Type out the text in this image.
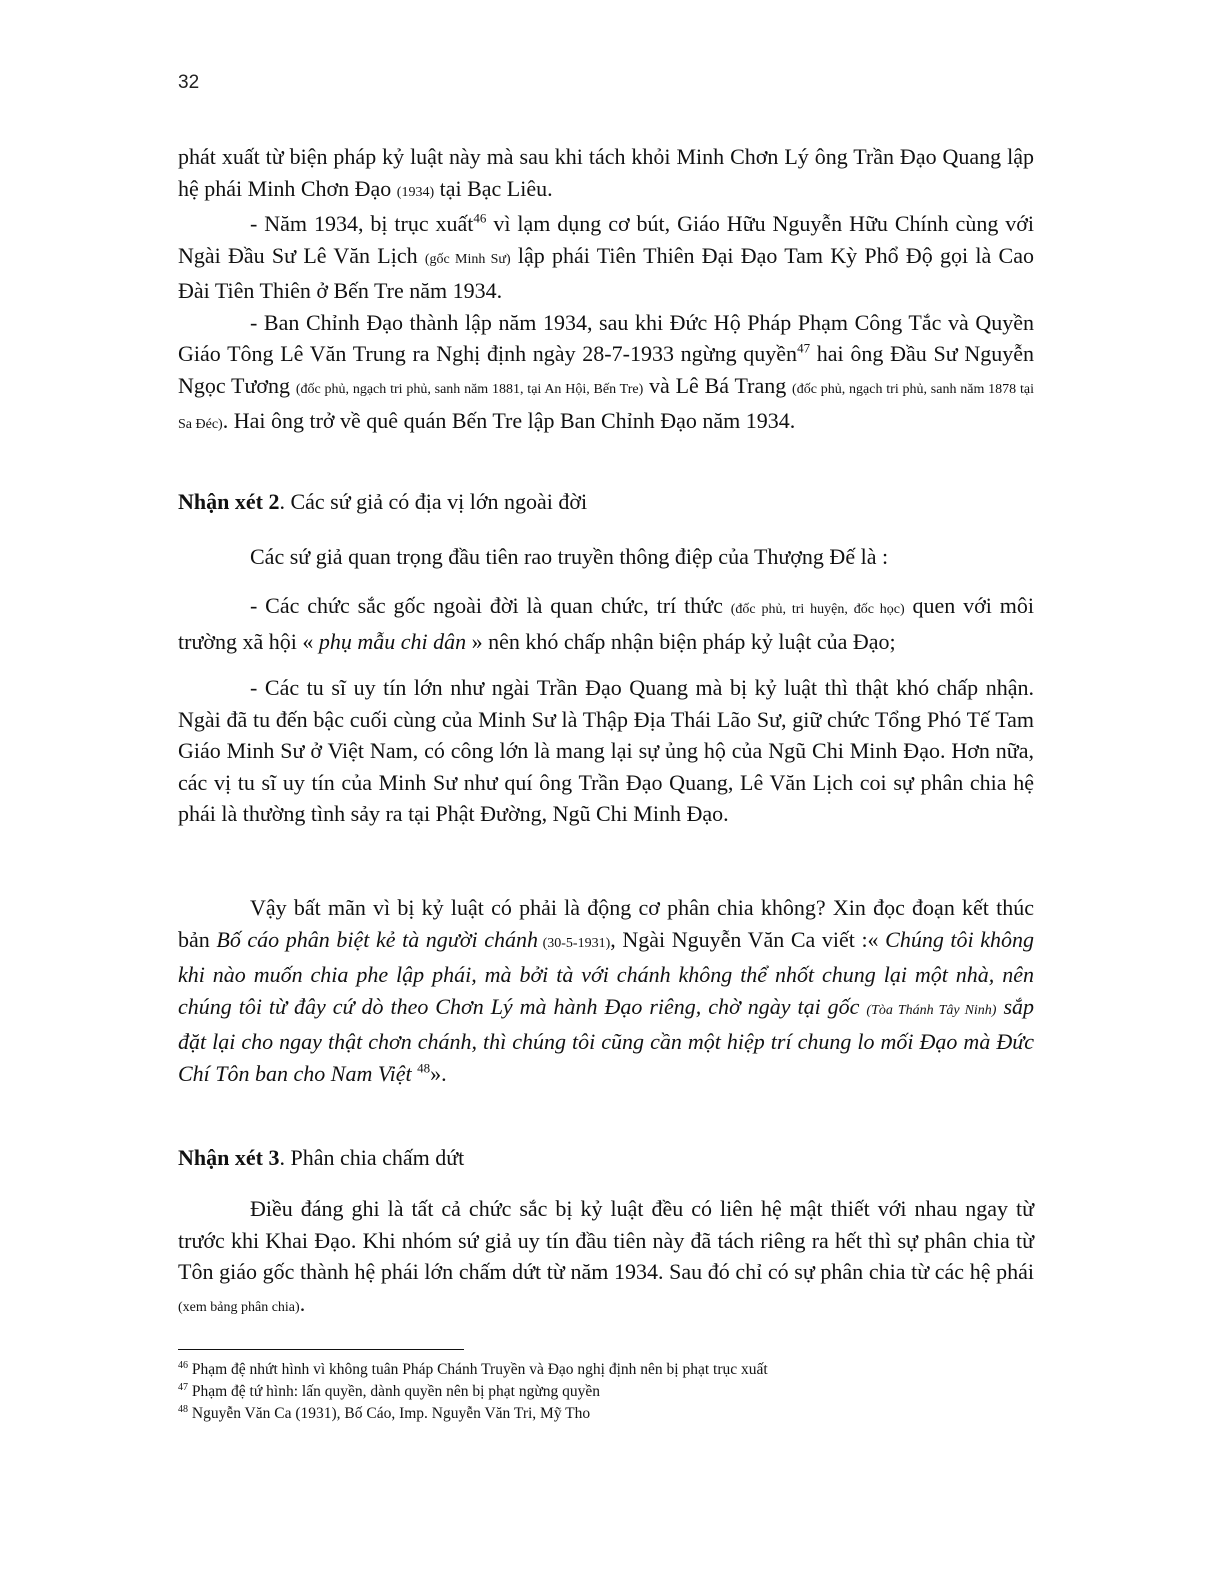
32

phát xuất từ biện pháp kỷ luật này mà sau khi tách khỏi Minh Chơn Lý ông Trần Đạo Quang lập hệ phái Minh Chơn Đạo (1934) tại Bạc Liêu.

- Năm 1934, bị trục xuất$^{46}$ vì lạm dụng cơ bút, Giáo Hữu Nguyễn Hữu Chính cùng với Ngài Đầu Sư Lê Văn Lịch (gốc Minh Sư) lập phái Tiên Thiên Đại Đạo Tam Kỳ Phổ Độ gọi là Cao Đài Tiên Thiên ở Bến Tre năm 1934.

- Ban Chỉnh Đạo thành lập năm 1934, sau khi Đức Hộ Pháp Phạm Công Tắc và Quyền Giáo Tông Lê Văn Trung ra Nghị định ngày 28-7-1933 ngừng quyền$^{47}$ hai ông Đầu Sư Nguyễn Ngọc Tương (đốc phủ, ngạch tri phủ, sanh năm 1881, tại An Hội, Bến Tre) và Lê Bá Trang (đốc phủ, ngạch tri phủ, sanh năm 1878 tại Sa Đéc). Hai ông trở về quê quán Bến Tre lập Ban Chỉnh Đạo năm 1934.

Nhận xét 2. Các sứ giả có địa vị lớn ngoài đời

Các sứ giả quan trọng đầu tiên rao truyền thông điệp của Thượng Đế là :

- Các chức sắc gốc ngoài đời là quan chức, trí thức (đốc phủ, tri huyện, đốc học) quen với môi trường xã hội « phụ mẫu chi dân » nên khó chấp nhận biện pháp kỷ luật của Đạo;

- Các tu sĩ uy tín lớn như ngài Trần Đạo Quang mà bị kỷ luật thì thật khó chấp nhận. Ngài đã tu đến bậc cuối cùng của Minh Sư là Thập Địa Thái Lão Sư, giữ chức Tổng Phó Tế Tam Giáo Minh Sư ở Việt Nam, có công lớn là mang lại sự ủng hộ của Ngũ Chi Minh Đạo. Hơn nữa, các vị tu sĩ uy tín của Minh Sư như quí ông Trần Đạo Quang, Lê Văn Lịch coi sự phân chia hệ phái là thường tình sảy ra tại Phật Đường, Ngũ Chi Minh Đạo.

Vậy bất mãn vì bị kỷ luật có phải là động cơ phân chia không? Xin đọc đoạn kết thúc bản Bố cáo phân biệt kẻ tà người chánh (30-5-1931), Ngài Nguyễn Văn Ca viết :« Chúng tôi không khi nào muốn chia phe lập phái, mà bởi tà với chánh không thể nhốt chung lại một nhà, nên chúng tôi từ đây cứ dò theo Chơn Lý mà hành Đạo riêng, chờ ngày tại gốc (Tòa Thánh Tây Ninh) sắp đặt lại cho ngay thật chơn chánh, thì chúng tôi cũng cần một hiệp trí chung lo mối Đạo mà Đức Chí Tôn ban cho Nam Việt $^{48}$».

Nhận xét 3. Phân chia chấm dứt

Điều đáng ghi là tất cả chức sắc bị kỷ luật đều có liên hệ mật thiết với nhau ngay từ trước khi Khai Đạo. Khi nhóm sứ giả uy tín đầu tiên này đã tách riêng ra hết thì sự phân chia từ Tôn giáo gốc thành hệ phái lớn chấm dứt từ năm 1934. Sau đó chỉ có sự phân chia từ các hệ phái (xem bảng phân chia).

$^{46}$ Phạm đệ nhứt hình vì không tuân Pháp Chánh Truyền và Đạo nghị định nên bị phạt trục xuất

$^{47}$ Phạm đệ tứ hình: lấn quyền, dành quyền nên bị phạt ngừng quyền

$^{48}$ Nguyễn Văn Ca (1931), Bố Cáo, Imp. Nguyễn Văn Tri, Mỹ Tho
